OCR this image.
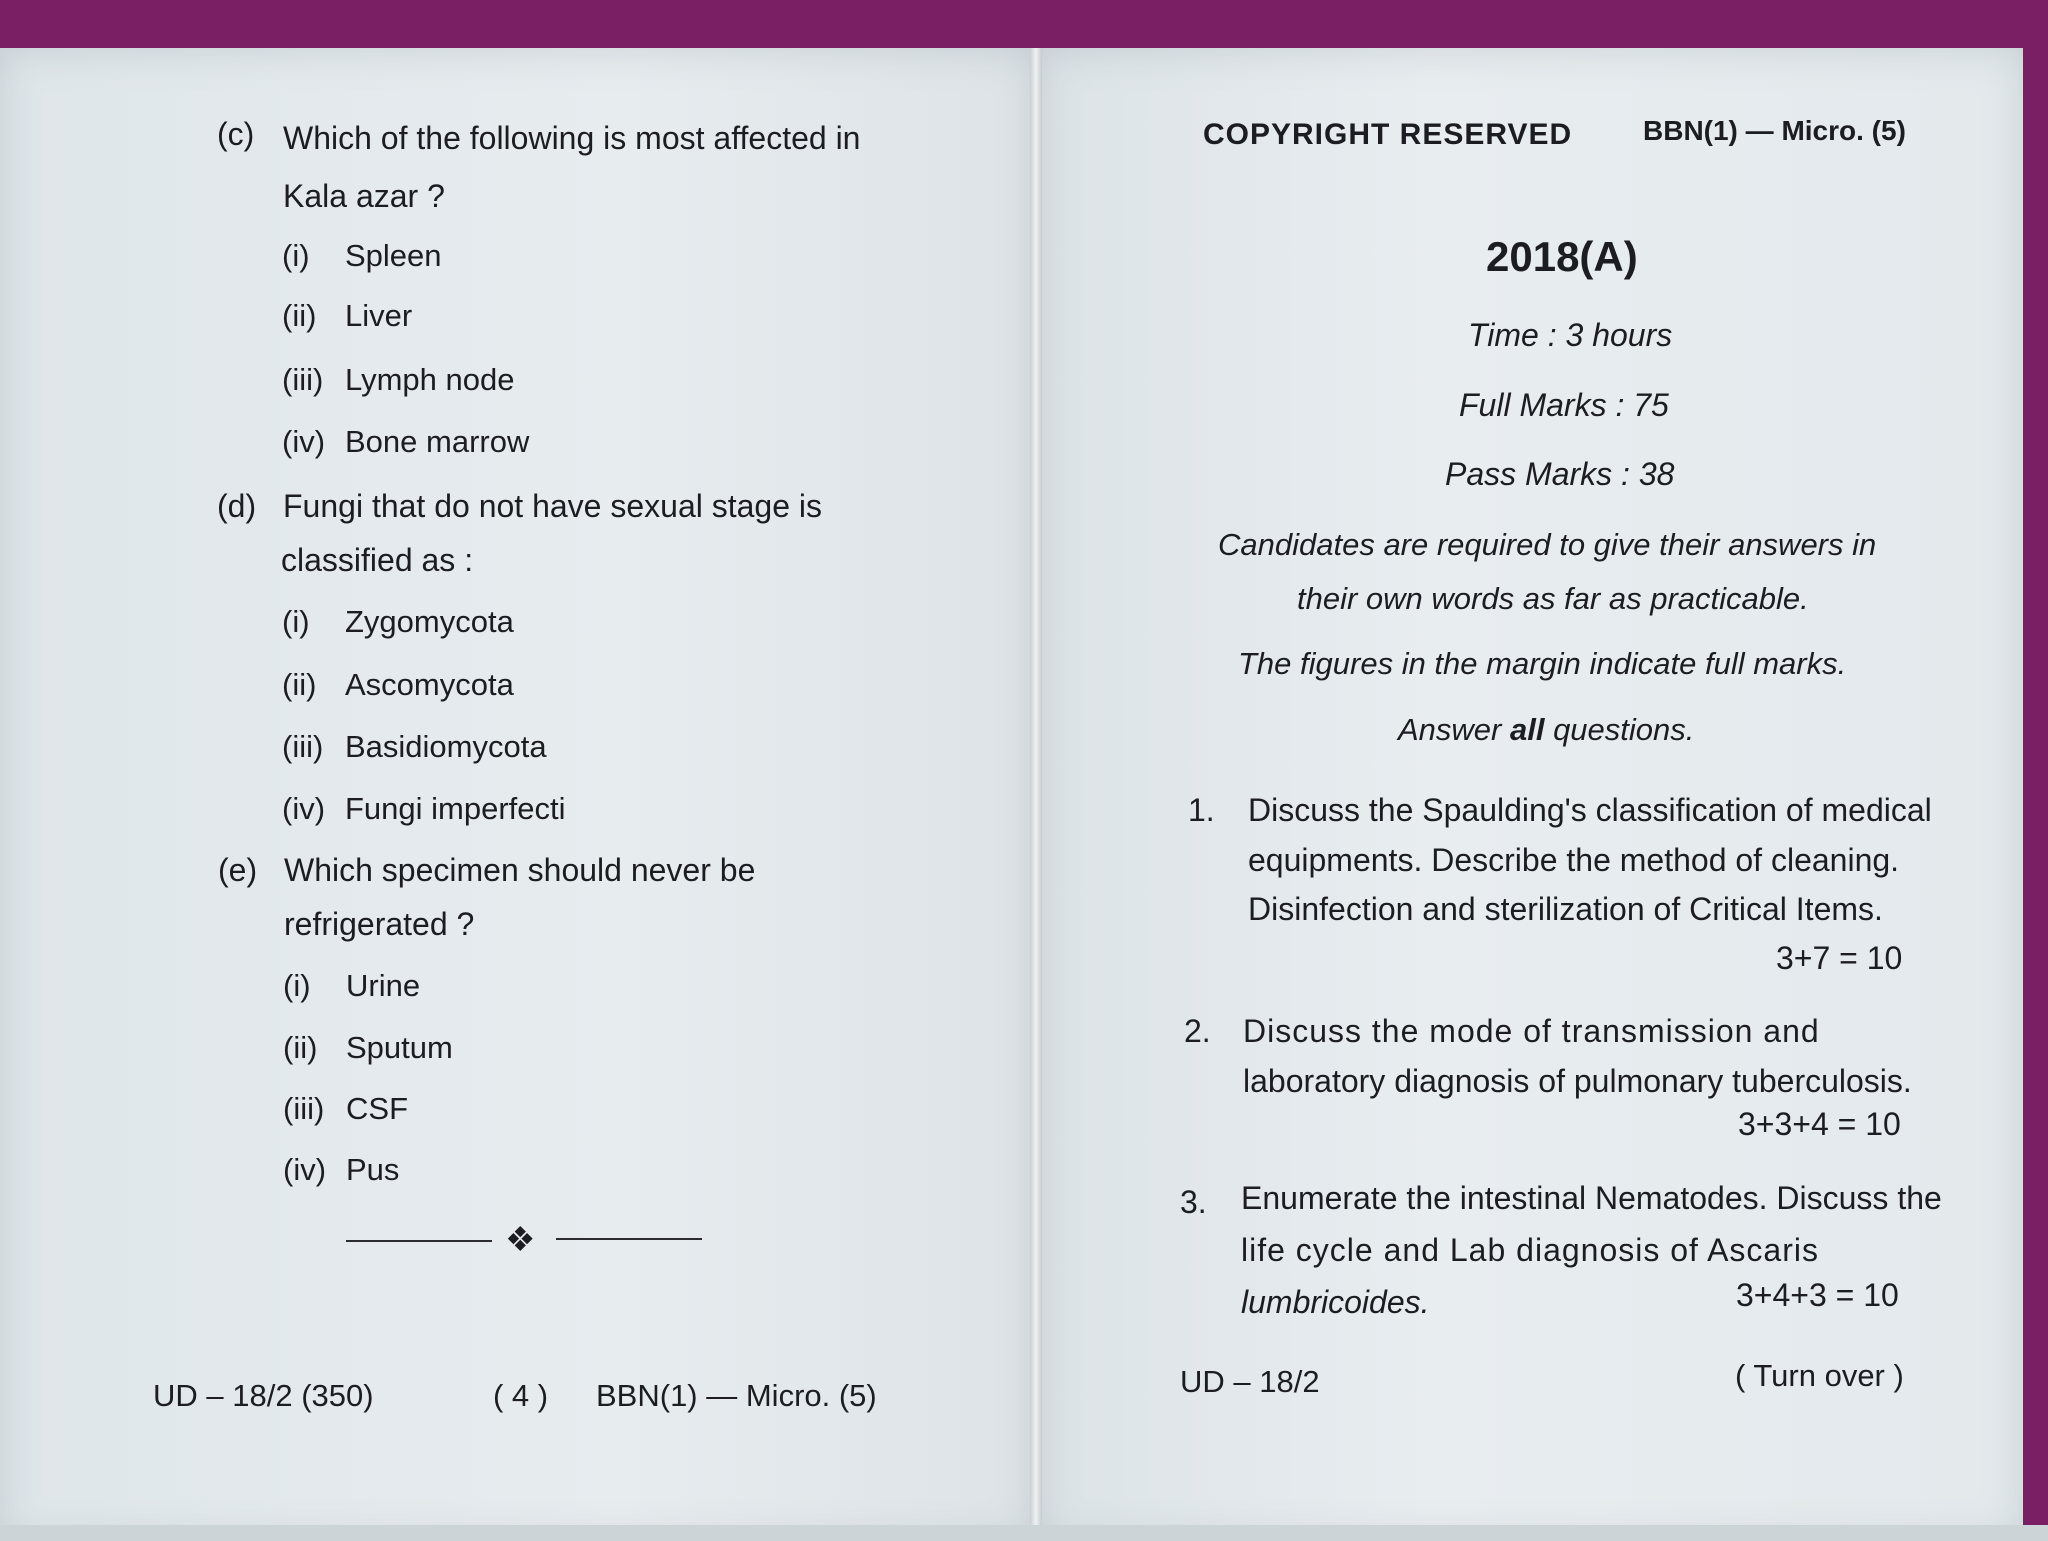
(c) Which of the following is most affected in
Kala azar ?
(i) Spleen
(ii) Liver
(iii) Lymph node
(iv) Bone marrow
(d) Fungi that do not have sexual stage is
classified as :
(i) Zygomycota
(ii) Ascomycota
(iii) Basidiomycota
(iv) Fungi imperfecti
(e) Which specimen should never be
refrigerated ?
(i) Urine
(ii) Sputum
(iii) CSF
(iv) Pus
❖
UD – 18/2 (350)	( 4 ) BBN(1) — Micro. (5)
COPYRIGHT RESERVED	BBN(1) — Micro. (5)
2018(A)
Time : 3 hours
Full Marks : 75
Pass Marks : 38
Candidates are required to give their answers in
their own words as far as practicable.
The figures in the margin indicate full marks.
Answer all questions.
1. Discuss the Spaulding's classification of medical
equipments. Describe the method of cleaning.
Disinfection and sterilization of Critical Items.
3+7 = 10
2. Discuss the mode of transmission and
laboratory diagnosis of pulmonary tuberculosis.
3+3+4 = 10
3. Enumerate the intestinal Nematodes. Discuss the
life cycle and Lab diagnosis of Ascaris
lumbricoides.	3+4+3 = 10
UD – 18/2	( Turn over )
